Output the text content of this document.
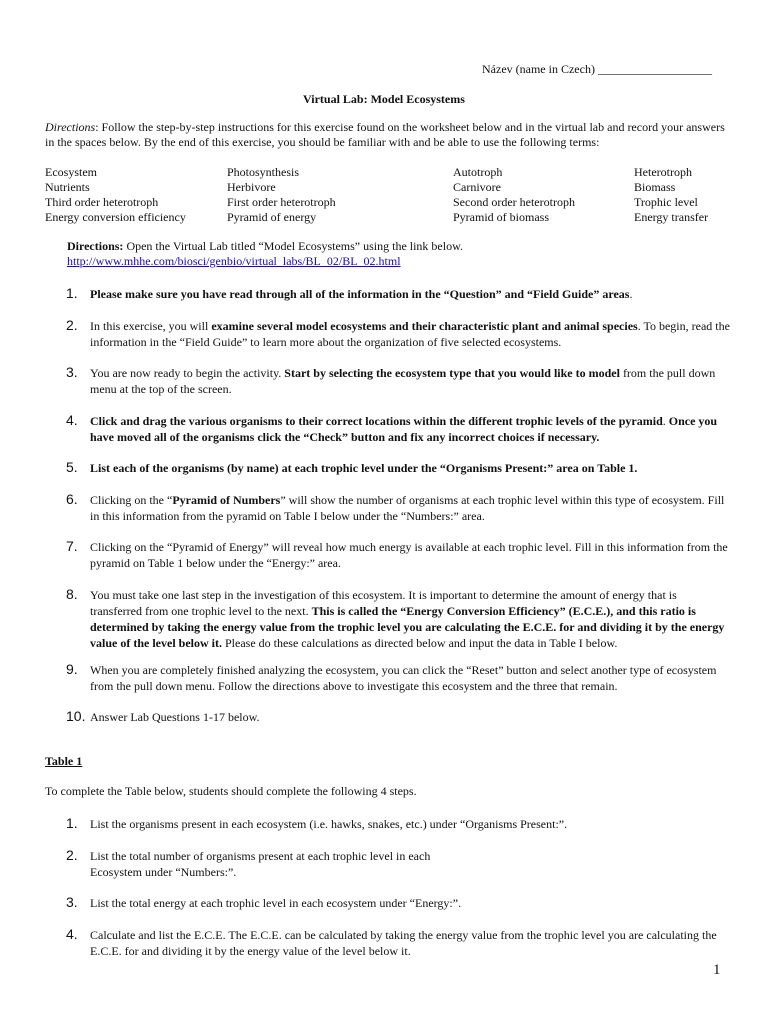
Název (name in Czech) ___________________
Virtual Lab: Model Ecosystems
Directions: Follow the step-by-step instructions for this exercise found on the worksheet below and in the virtual lab and record your answers in the spaces below. By the end of this exercise, you should be familiar with and be able to use the following terms:
Ecosystem	Photosynthesis	Autotroph	Heterotroph
Nutrients	Herbivore	Carnivore	Biomass
Third order heterotroph	First order heterotroph	Second order heterotroph	Trophic level
Energy conversion efficiency	Pyramid of energy	Pyramid of biomass	Energy transfer
Directions: Open the Virtual Lab titled “Model Ecosystems” using the link below.
http://www.mhhe.com/biosci/genbio/virtual_labs/BL_02/BL_02.html
1. Please make sure you have read through all of the information in the “Question” and “Field Guide” areas.
2. In this exercise, you will examine several model ecosystems and their characteristic plant and animal species. To begin, read the information in the “Field Guide” to learn more about the organization of five selected ecosystems.
3. You are now ready to begin the activity. Start by selecting the ecosystem type that you would like to model from the pull down menu at the top of the screen.
4. Click and drag the various organisms to their correct locations within the different trophic levels of the pyramid. Once you have moved all of the organisms click the “Check” button and fix any incorrect choices if necessary.
5. List each of the organisms (by name) at each trophic level under the “Organisms Present:” area on Table 1.
6. Clicking on the “Pyramid of Numbers” will show the number of organisms at each trophic level within this type of ecosystem. Fill in this information from the pyramid on Table I below under the “Numbers:” area.
7. Clicking on the “Pyramid of Energy” will reveal how much energy is available at each trophic level. Fill in this information from the pyramid on Table 1 below under the “Energy:” area.
8. You must take one last step in the investigation of this ecosystem. It is important to determine the amount of energy that is transferred from one trophic level to the next. This is called the “Energy Conversion Efficiency” (E.C.E.), and this ratio is determined by taking the energy value from the trophic level you are calculating the E.C.E. for and dividing it by the energy value of the level below it. Please do these calculations as directed below and input the data in Table I below.
9. When you are completely finished analyzing the ecosystem, you can click the “Reset” button and select another type of ecosystem from the pull down menu. Follow the directions above to investigate this ecosystem and the three that remain.
10. Answer Lab Questions 1-17 below.
Table 1
To complete the Table below, students should complete the following 4 steps.
1. List the organisms present in each ecosystem (i.e. hawks, snakes, etc.) under “Organisms Present:”.
2. List the total number of organisms present at each trophic level in each
Ecosystem under “Numbers:”.
3. List the total energy at each trophic level in each ecosystem under “Energy:”.
4. Calculate and list the E.C.E. The E.C.E. can be calculated by taking the energy value from the trophic level you are calculating the E.C.E. for and dividing it by the energy value of the level below it.
1
